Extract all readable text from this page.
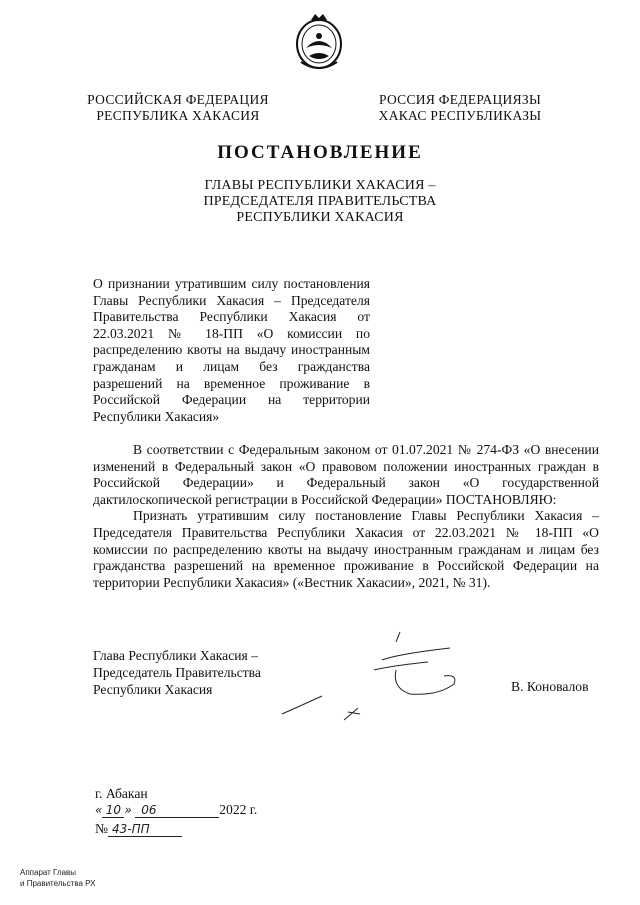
РОССИЙСКАЯ ФЕДЕРАЦИЯ
РЕСПУБЛИКА ХАКАСИЯ
РОССИЯ ФЕДЕРАЦИЯЗЫ
ХАКАС РЕСПУБЛИКАЗЫ
ПОСТАНОВЛЕНИЕ
ГЛАВЫ РЕСПУБЛИКИ ХАКАСИЯ –
ПРЕДСЕДАТЕЛЯ ПРАВИТЕЛЬСТВА
РЕСПУБЛИКИ ХАКАСИЯ
О признании утратившим силу постановления Главы Республики Хакасия – Председателя Правительства Республики Хакасия от 22.03.2021 № 18-ПП «О комиссии по распределению квоты на выдачу иностранным гражданам и лицам без гражданства разрешений на временное проживание в Российской Федерации на территории Республики Хакасия»

В соответствии с Федеральным законом от 01.07.2021 № 274-ФЗ «О внесении изменений в Федеральный закон «О правовом положении иностранных граждан в Российской Федерации» и Федеральный закон «О государственной дактилоскопической регистрации в Российской Федерации» ПОСТАНОВЛЯЮ:

Признать утратившим силу постановление Главы Республики Хакасия – Председателя Правительства Республики Хакасия от 22.03.2021 № 18-ПП «О комиссии по распределению квоты на выдачу иностранным гражданам и лицам без гражданства разрешений на временное проживание в Российской Федерации на территории Республики Хакасия» («Вестник Хакасии», 2021, № 31).

Глава Республики Хакасия –
Председатель Правительства
Республики Хакасия	В. Коновалов
г. Абакан
« 10 » 06	2022 г.
№ 43-ПП
Аппарат Главы
и Правительства РХ
